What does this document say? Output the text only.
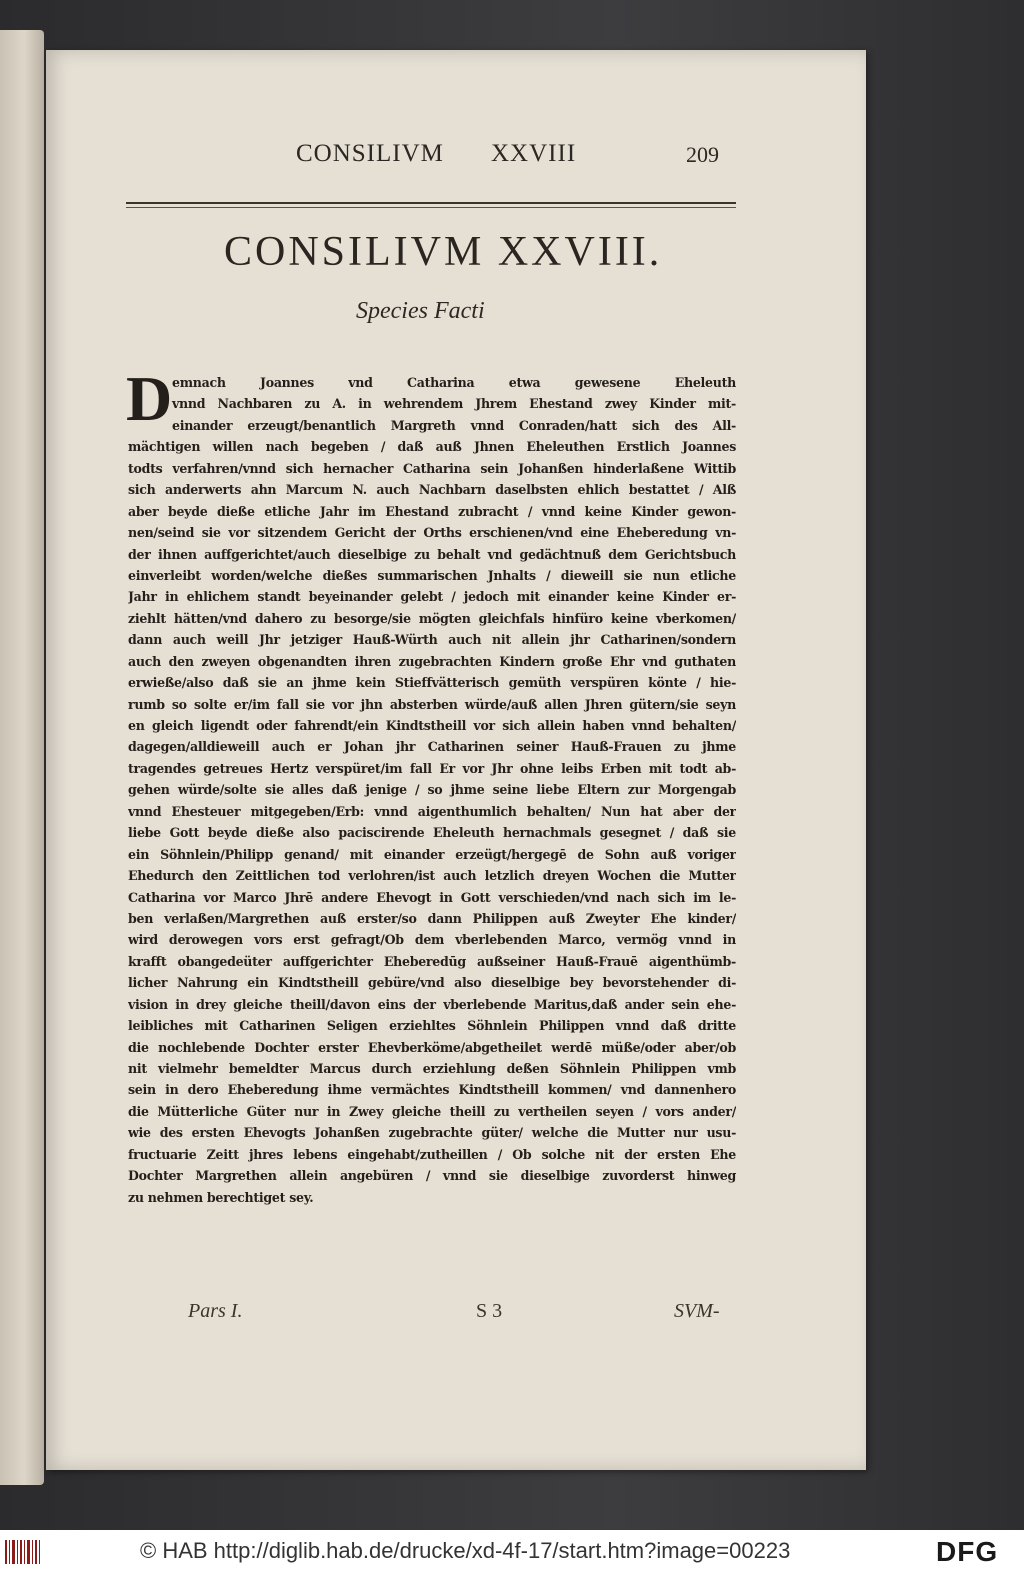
CONSILIVM XXVIII	209
CONSILIVM XXVIII.
Species Facti
D emnach Joannes vnd Catharina etwa gewesene Eheleuth
vnnd Nachbaren zu A. in wehrendem Jhrem Ehestand zwey Kinder mit-
einander erzeugt/benantlich Margreth vnnd Conraden/hatt sich des All-
mächtigen willen nach begeben / daß auß Jhnen Eheleuthen Erstlich Joannes
todts verfahren/vnnd sich hernacher Catharina sein Johanßen hinderlaßene Wittib
sich anderwerts ahn Marcum N. auch Nachbarn daselbsten ehlich bestattet / Alß
aber beyde dieße etliche Jahr im Ehestand zubracht / vnnd keine Kinder gewon-
nen/seind sie vor sitzendem Gericht der Orths erschienen/vnd eine Eheberedung vn-
der ihnen auffgerichtet/auch dieselbige zu behalt vnd gedächtnuß dem Gerichtsbuch
einverleibt worden/welche dießes summarischen Jnhalts / dieweill sie nun etliche
Jahr in ehlichem standt beyeinander gelebt / jedoch mit einander keine Kinder er-
ziehlt hätten/vnd dahero zu besorge/sie mögten gleichfals hinfüro keine vberkomen/
dann auch weill Jhr jetziger Hauß-Würth auch nit allein jhr Catharinen/sondern
auch den zweyen obgenandten ihren zugebrachten Kindern große Ehr vnd guthaten
erwieße/also daß sie an jhme kein Stieffvätterisch gemüth verspüren könte / hie-
rumb so solte er/im fall sie vor jhn absterben würde/auß allen Jhren gütern/sie seyn
en gleich ligendt oder fahrendt/ein Kindtstheill vor sich allein haben vnnd behalten/
dagegen/alldieweill auch er Johan jhr Catharinen seiner Hauß-Frauen zu jhme
tragendes getreues Hertz verspüret/im fall Er vor Jhr ohne leibs Erben mit todt ab-
gehen würde/solte sie alles daß jenige / so jhme seine liebe Eltern zur Morgengab
vnnd Ehesteuer mitgegeben/Erb: vnnd aigenthumlich behalten/ Nun hat aber der
liebe Gott beyde dieße also paciscirende Eheleuth hernachmals gesegnet / daß sie
ein Söhnlein/Philipp genand/ mit einander erzeügt/hergegē de Sohn auß voriger
Ehedurch den Zeittlichen tod verlohren/ist auch letzlich dreyen Wochen die Mutter
Catharina vor Marco Jhrē andere Ehevogt in Gott verschieden/vnd nach sich im le-
ben verlaßen/Margrethen auß erster/so dann Philippen auß Zweyter Ehe kinder/
wird derowegen vors erst gefragt/Ob dem vberlebenden Marco, vermög vnnd in
krafft obangedeüter auffgerichter Eheberedūg außseiner Hauß-Frauē aigenthümb-
licher Nahrung ein Kindtstheill gebüre/vnd also dieselbige bey bevorstehender di-
vision in drey gleiche theill/davon eins der vberlebende Maritus,daß ander sein ehe-
leibliches mit Catharinen Seligen erziehltes Söhnlein Philippen vnnd daß dritte
die nochlebende Dochter erster Ehevberköme/abgetheilet werdē müße/oder aber/ob
nit vielmehr bemeldter Marcus durch erziehlung deßen Söhnlein Philippen vmb
sein in dero Eheberedung ihme vermächtes Kindtstheill kommen/ vnd dannenhero
die Mütterliche Güter nur in Zwey gleiche theill zu vertheilen seyen / vors ander/
wie des ersten Ehevogts Johanßen zugebrachte güter/ welche die Mutter nur usu-
fructuarie Zeitt jhres lebens eingehabt/zutheillen / Ob solche nit der ersten Ehe
Dochter Margrethen allein angebüren / vnnd sie dieselbige zuvorderst hinweg
zu nehmen berechtiget sey.
Pars I.	S 3	SVM-
© HAB http://diglib.hab.de/drucke/xd-4f-17/start.htm?image=00223	DFG
